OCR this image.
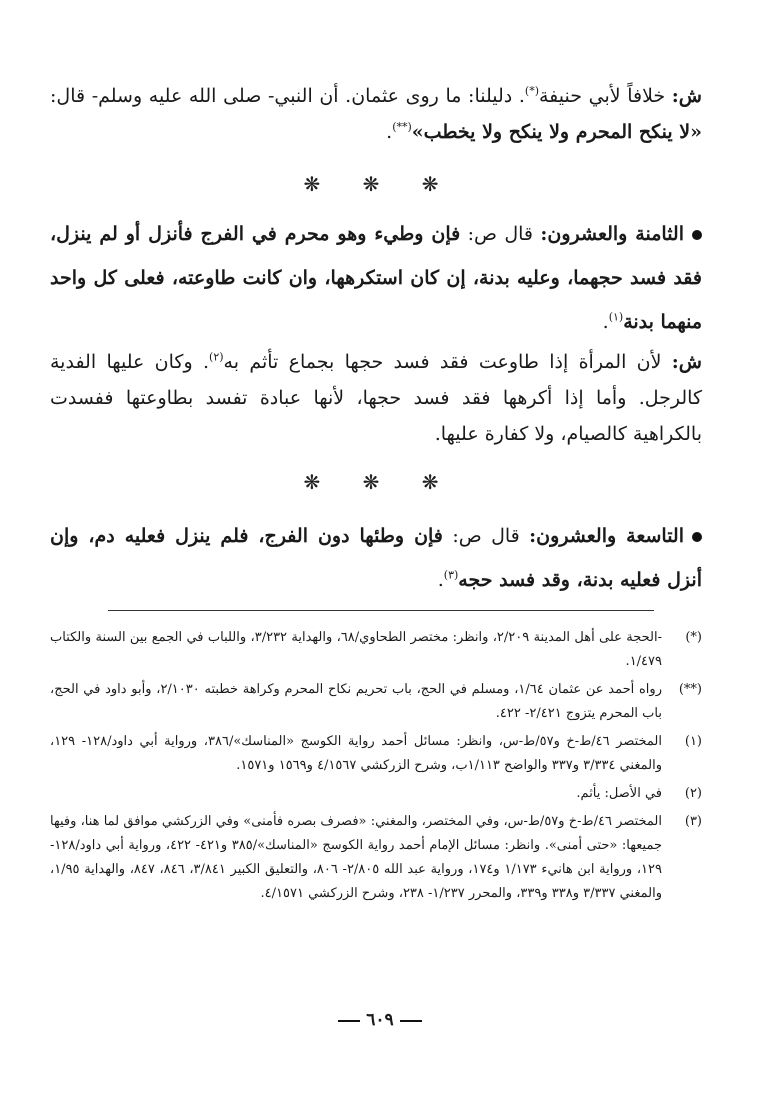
ش: خلافاً لأبي حنيفة(*). دليلنا: ما روى عثمان. أن النبي- صلى الله عليه وسلم- قال: «لا ينكح المحرم ولا ينكح ولا يخطب»(**).

❋ ❋ ❋

الثامنة والعشرون: قال ص: فإن وطيء وهو محرم في الفرج فأنزل أو لم ينزل، فقد فسد حجهما، وعليه بدنة، إن كان استكرهها، وان كانت طاوعته، فعلى كل واحد منهما بدنة$^{(١)}$.

ش: لأن المرأة إذا طاوعت فقد فسد حجها بجماع تأثم به$^{(٢)}$. وكان عليها الفدية كالرجل. وأما إذا أكرهها فقد فسد حجها، لأنها عبادة تفسد بطاوعتها ففسدت بالكراهية كالصيام، ولا كفارة عليها.

❋ ❋ ❋

التاسعة والعشرون: قال ص: فإن وطئها دون الفرج، فلم ينزل فعليه دم، وإن أنزل فعليه بدنة، وقد فسد حجه$^{(٣)}$.

(*)
-الحجة على أهل المدينة ٢/٢٠٩، وانظر: مختصر الطحاوي/٦٨، والهداية ٣/٢٣٢، واللباب في الجمع بين السنة والكتاب ١/٤٧٩.
(**)
رواه أحمد عن عثمان ١/٦٤، ومسلم في الحج، باب تحريم نكاح المحرم وكراهة خطبته ٢/١٠٣٠، وأبو داود في الحج، باب المحرم يتزوج ٢/٤٢١- ٤٢٢.
(١)
المختصر ٤٦/ط-خ و٥٧/ط-س، وانظر: مسائل أحمد رواية الكوسج «المناسك»/٣٨٦، ورواية أبي داود/١٢٨- ١٢٩، والمغني ٣/٣٣٤ و٣٣٧ والواضح ١/١١٣ب، وشرح الزركشي ٤/١٥٦٧ و١٥٦٩ و١٥٧١.
(٢)
في الأصل: يأثم.
(٣)
المختصر ٤٦/ط-خ و٥٧/ط-س، وفي المختصر، والمغني: «فصرف بصره فأمنى» وفي الزركشي موافق لما هنا، وفيها جميعها: «حتى أمنى». وانظر: مسائل الإمام أحمد رواية الكوسج «المناسك»/٣٨٥ و٤٢١- ٤٢٢، ورواية أبي داود/١٢٨- ١٢٩، ورواية ابن هانيء ١/١٧٣ و١٧٤، ورواية عبد الله ٢/٨٠٥- ٨٠٦، والتعليق الكبير ٣/٨٤١، ٨٤٦، ٨٤٧، والهداية ١/٩٥، والمغني ٣/٣٣٧ و٣٣٨ و٣٣٩، والمحرر ١/٢٣٧- ٢٣٨، وشرح الزركشي ٤/١٥٧١.
٦٠٩
